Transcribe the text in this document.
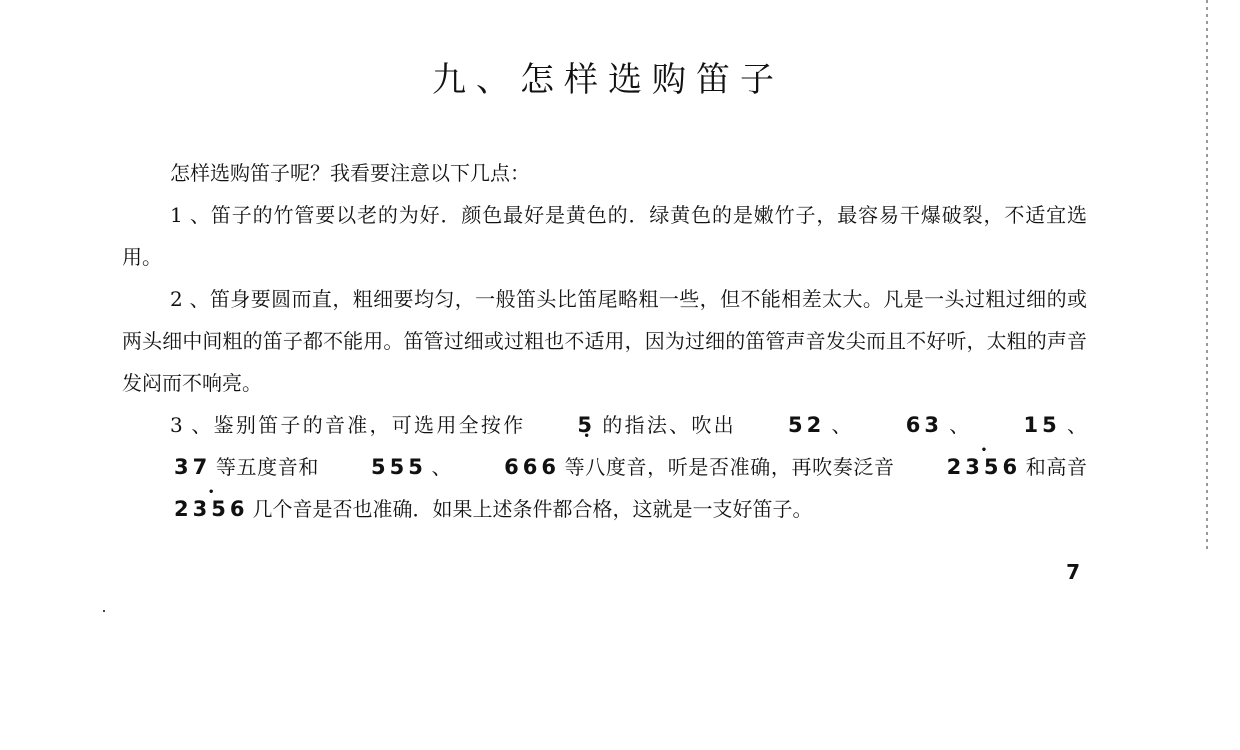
九、怎样选购笛子

怎样选购笛子呢？我看要注意以下几点：

1 、笛子的竹管要以老的为好．颜色最好是黄色的．绿黄色的是嫩竹子，最容易干爆破裂，不适宜选用。

2 、笛身要圆而直，粗细要均匀，一般笛头比笛尾略粗一些，但不能相差太大。凡是一头过粗过细的或两头细中间粗的笛子都不能用。笛管过细或过粗也不适用，因为过细的笛管声音发尖而且不好听，太粗的声音发闷而不响亮。

3 、鉴别笛子的音准，可选用全按作 5 • 的指法、吹出 52 、 63 、 15 、37 等五度音和 555 、 666 等八度音，听是否准确，再吹奏泛音• 2356 和高音• 2356 几个音是否也准确．如果上述条件都合格，这就是一支好笛子。

7
